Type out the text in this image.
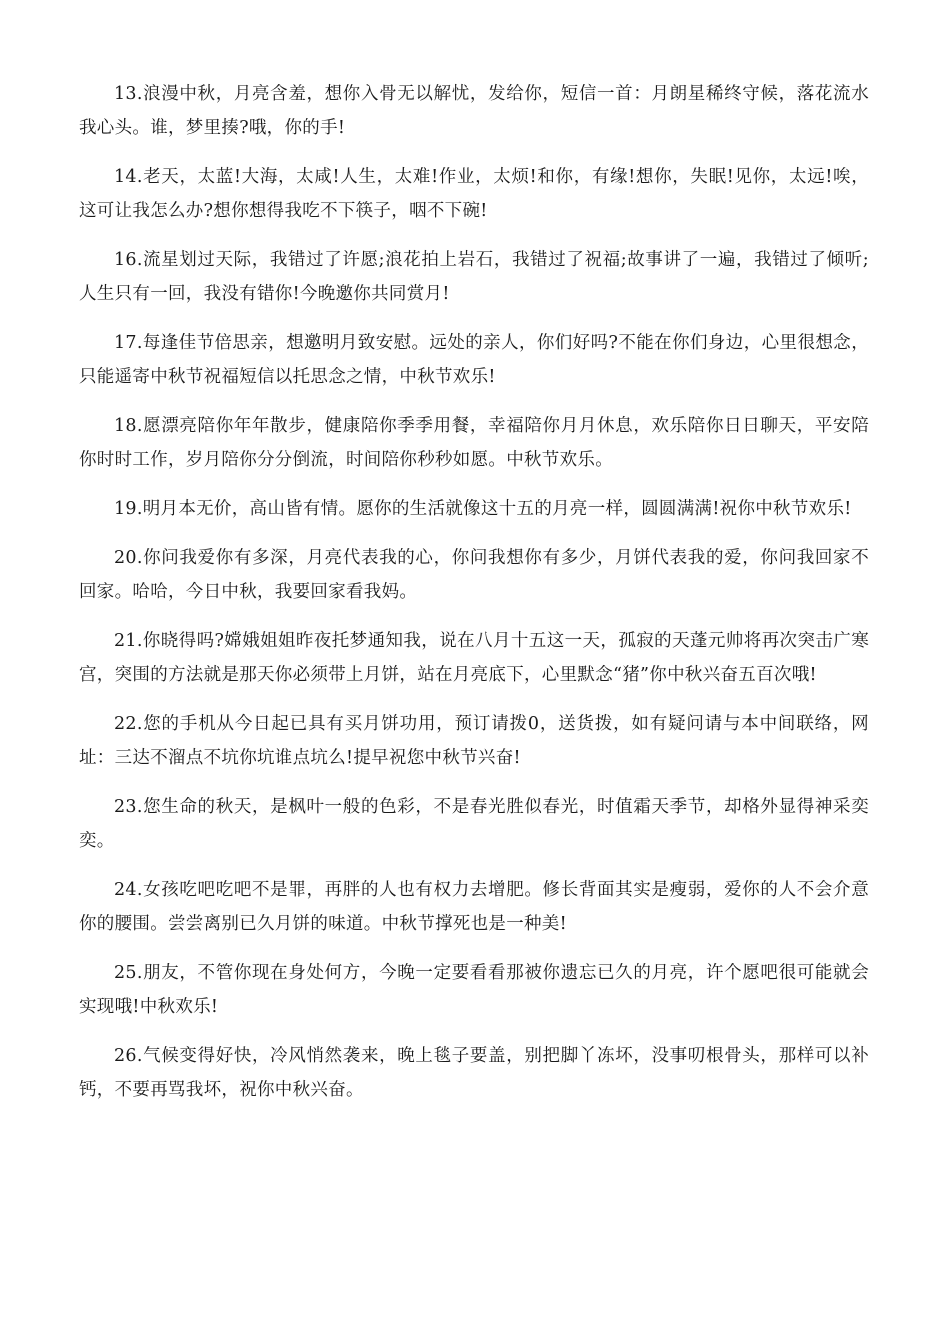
13.浪漫中秋，月亮含羞，想你入骨无以解忧，发给你，短信一首：月朗星稀终守候，落花流水我心头。谁，梦里揍?哦，你的手!

14.老天，太蓝!大海，太咸!人生，太难!作业，太烦!和你，有缘!想你，失眠!见你，太远!唉，这可让我怎么办?想你想得我吃不下筷子，咽不下碗!

16.流星划过天际，我错过了许愿;浪花拍上岩石，我错过了祝福;故事讲了一遍，我错过了倾听;人生只有一回，我没有错你!今晚邀你共同赏月!

17.每逢佳节倍思亲，想邀明月致安慰。远处的亲人，你们好吗?不能在你们身边，心里很想念，只能遥寄中秋节祝福短信以托思念之情，中秋节欢乐!

18.愿漂亮陪你年年散步，健康陪你季季用餐，幸福陪你月月休息，欢乐陪你日日聊天，平安陪你时时工作，岁月陪你分分倒流，时间陪你秒秒如愿。中秋节欢乐。

19.明月本无价，高山皆有情。愿你的生活就像这十五的月亮一样，圆圆满满!祝你中秋节欢乐!

20.你问我爱你有多深，月亮代表我的心，你问我想你有多少，月饼代表我的爱，你问我回家不回家。哈哈，今日中秋，我要回家看我妈。

21.你晓得吗?嫦娥姐姐昨夜托梦通知我，说在八月十五这一天，孤寂的天蓬元帅将再次突击广寒宫，突围的方法就是那天你必须带上月饼，站在月亮底下，心里默念“猪”你中秋兴奋五百次哦!

22.您的手机从今日起已具有买月饼功用，预订请拨0，送货拨，如有疑问请与本中间联络，网址：三达不溜点不坑你坑谁点坑么!提早祝您中秋节兴奋!

23.您生命的秋天，是枫叶一般的色彩，不是春光胜似春光，时值霜天季节，却格外显得神采奕奕。

24.女孩吃吧吃吧不是罪，再胖的人也有权力去增肥。修长背面其实是瘦弱，爱你的人不会介意你的腰围。尝尝离别已久月饼的味道。中秋节撑死也是一种美!

25.朋友，不管你现在身处何方，今晚一定要看看那被你遗忘已久的月亮，许个愿吧很可能就会实现哦!中秋欢乐!

26.气候变得好快，冷风悄然袭来，晚上毯子要盖，别把脚丫冻坏，没事叨根骨头，那样可以补钙，不要再骂我坏，祝你中秋兴奋。
